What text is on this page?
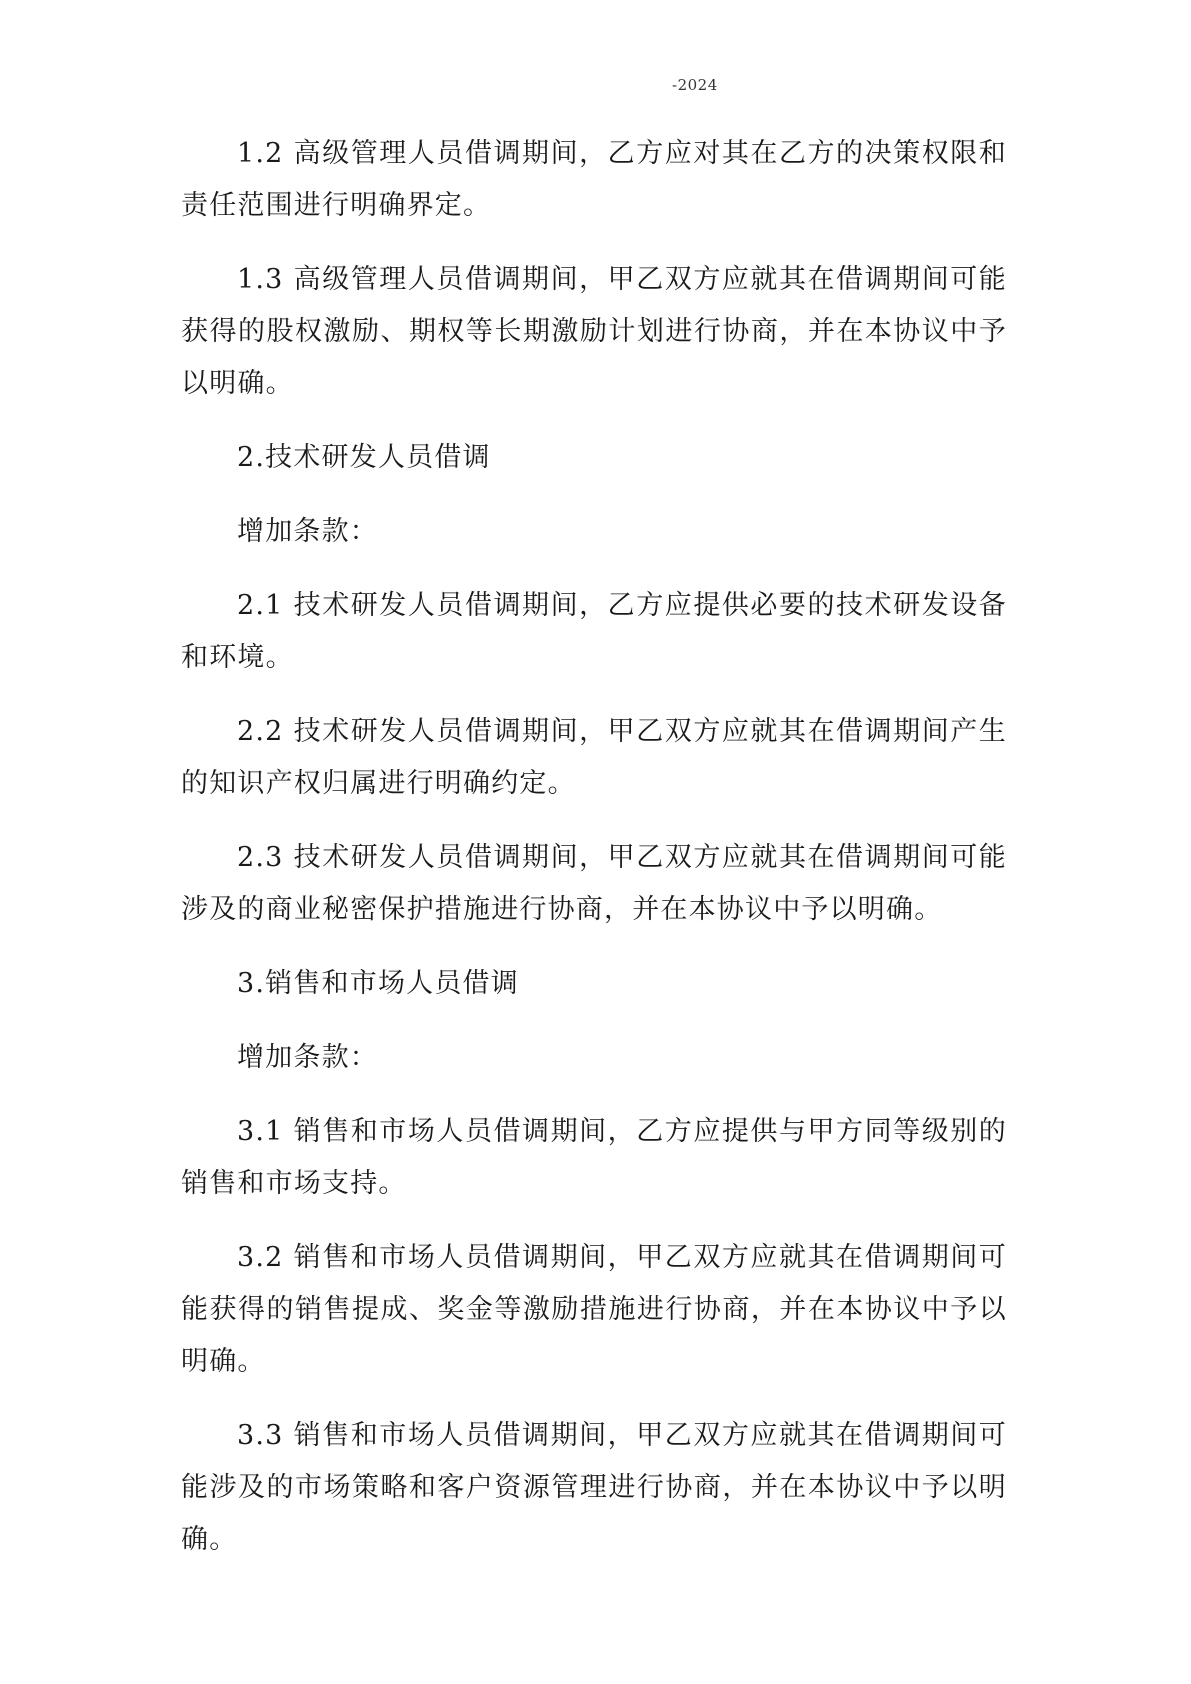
-2024

1.2 高级管理人员借调期间，乙方应对其在乙方的决策权限和责任范围进行明确界定。

1.3 高级管理人员借调期间，甲乙双方应就其在借调期间可能获得的股权激励、期权等长期激励计划进行协商，并在本协议中予以明确。

2.技术研发人员借调

增加条款：

2.1 技术研发人员借调期间，乙方应提供必要的技术研发设备和环境。

2.2 技术研发人员借调期间，甲乙双方应就其在借调期间产生的知识产权归属进行明确约定。

2.3 技术研发人员借调期间，甲乙双方应就其在借调期间可能涉及的商业秘密保护措施进行协商，并在本协议中予以明确。

3.销售和市场人员借调

增加条款：

3.1 销售和市场人员借调期间，乙方应提供与甲方同等级别的销售和市场支持。

3.2 销售和市场人员借调期间，甲乙双方应就其在借调期间可能获得的销售提成、奖金等激励措施进行协商，并在本协议中予以明确。

3.3 销售和市场人员借调期间，甲乙双方应就其在借调期间可能涉及的市场策略和客户资源管理进行协商，并在本协议中予以明确。
